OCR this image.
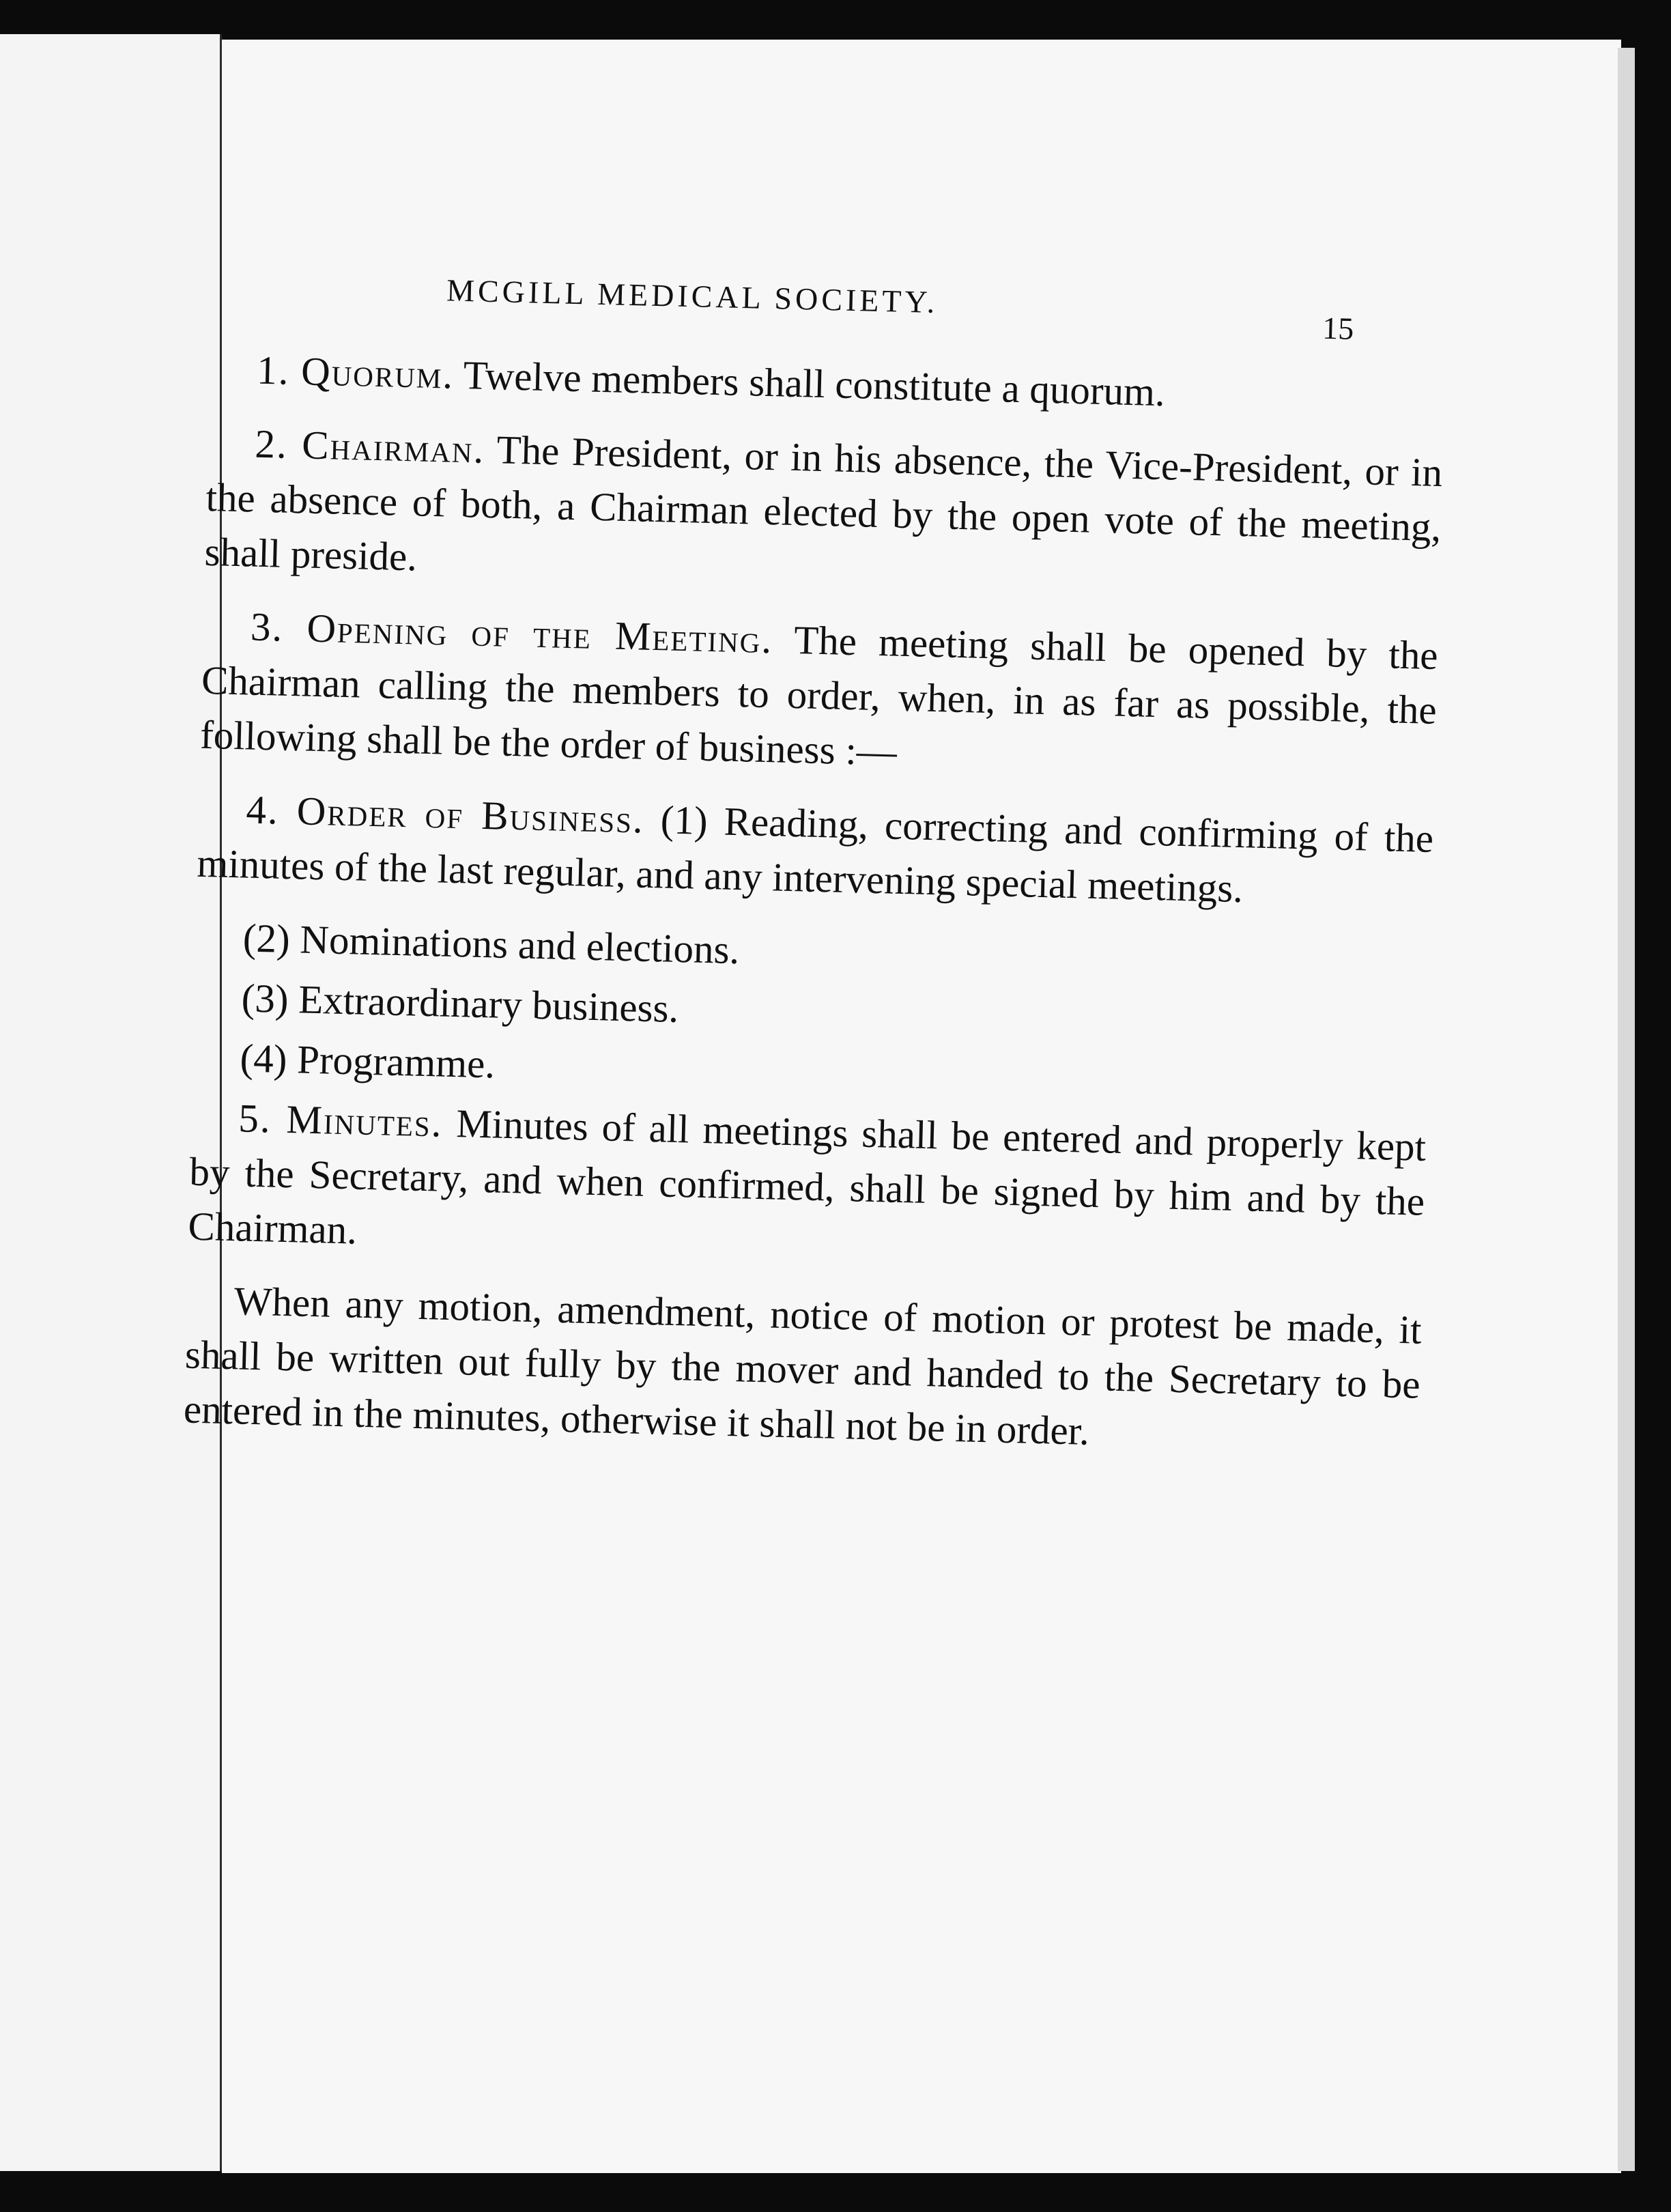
MCGILL MEDICAL SOCIETY.
15

1. Quorum. Twelve members shall constitute a quorum.

2. Chairman. The President, or in his absence, the Vice-President, or in the absence of both, a Chairman elected by the open vote of the meeting, shall preside.

3. Opening of the Meeting. The meeting shall be opened by the Chairman calling the members to order, when, in as far as possible, the following shall be the order of business :—

4. Order of Business. (1) Reading, correcting and confirming of the minutes of the last regular, and any intervening special meetings.

(2) Nominations and elections.
(3) Extraordinary business.
(4) Programme.

5. Minutes. Minutes of all meetings shall be entered and properly kept by the Secretary, and when confirmed, shall be signed by him and by the Chairman.

When any motion, amendment, notice of motion or protest be made, it shall be written out fully by the mover and handed to the Secretary to be entered in the minutes, otherwise it shall not be in order.
